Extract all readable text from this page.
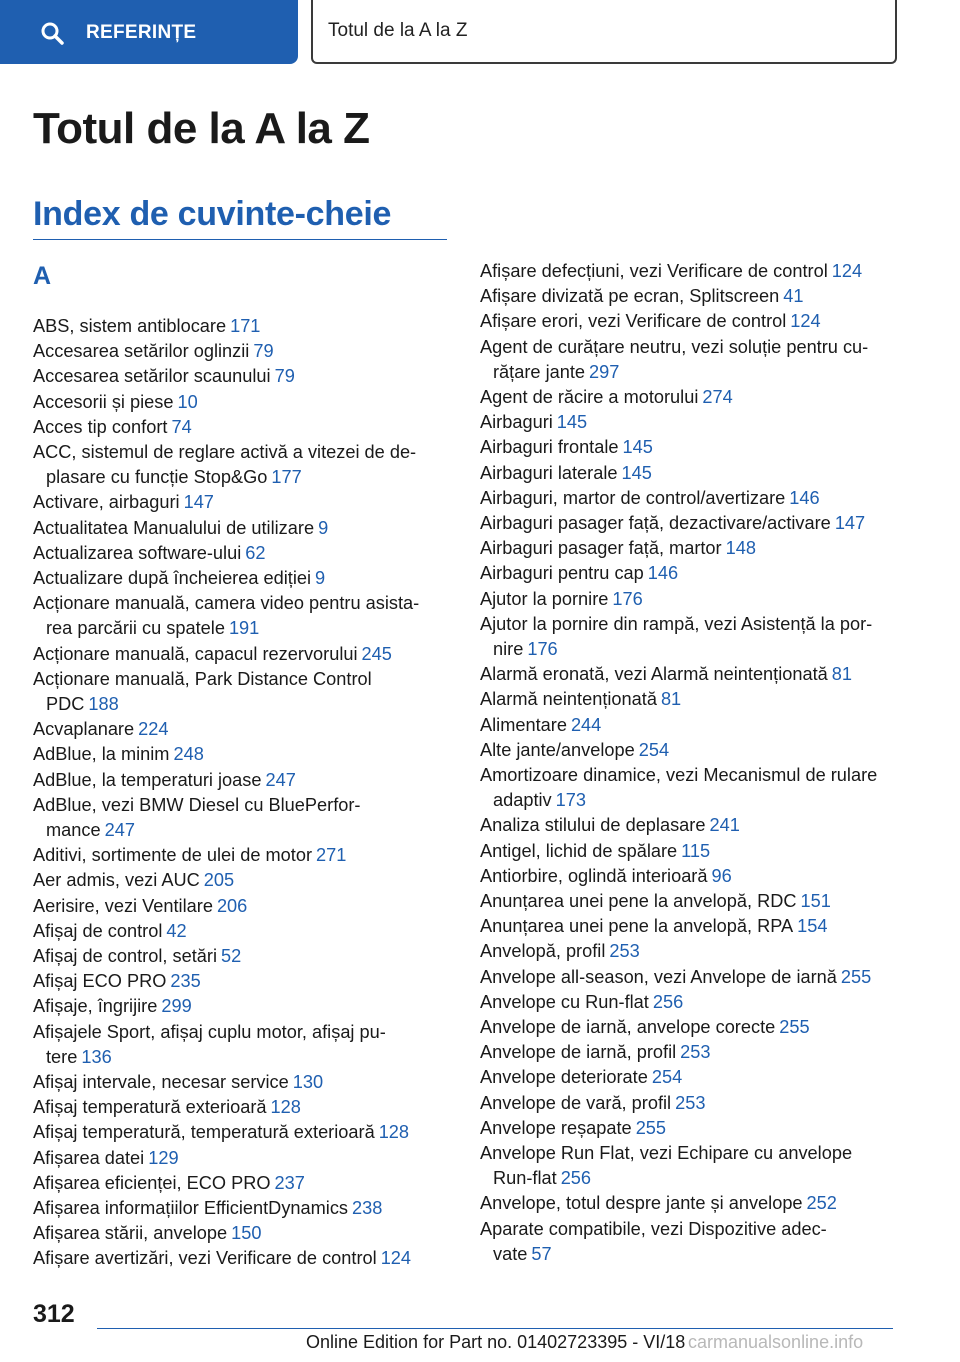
REFERINȚE	Totul de la A la Z
Totul de la A la Z
Index de cuvinte-cheie
A
ABS, sistem antiblocare 171
Accesarea setărilor oglinzii 79
Accesarea setărilor scaunului 79
Accesorii și piese 10
Acces tip confort 74
ACC, sistemul de reglare activă a vitezei de de-
plasare cu funcție Stop&Go 177
Activare, airbaguri 147
Actualitatea Manualului de utilizare 9
Actualizarea software-ului 62
Actualizare după încheierea ediției 9
Acționare manuală, camera video pentru asista-
rea parcării cu spatele 191
Acționare manuală, capacul rezervorului 245
Acționare manuală, Park Distance Control
PDC 188
Acvaplanare 224
AdBlue, la minim 248
AdBlue, la temperaturi joase 247
AdBlue, vezi BMW Diesel cu BluePerfor-
mance 247
Aditivi, sortimente de ulei de motor 271
Aer admis, vezi AUC 205
Aerisire, vezi Ventilare 206
Afișaj de control 42
Afișaj de control, setări 52
Afișaj ECO PRO 235
Afișaje, îngrijire 299
Afișajele Sport, afișaj cuplu motor, afișaj pu-
tere 136
Afișaj intervale, necesar service 130
Afișaj temperatură exterioară 128
Afișaj temperatură, temperatură exterioară 128
Afișarea datei 129
Afișarea eficienței, ECO PRO 237
Afișarea informațiilor EfficientDynamics 238
Afișarea stării, anvelope 150
Afișare avertizări, vezi Verificare de control 124
Afișare defecțiuni, vezi Verificare de control 124
Afișare divizată pe ecran, Splitscreen 41
Afișare erori, vezi Verificare de control 124
Agent de curățare neutru, vezi soluție pentru cu-
rățare jante 297
Agent de răcire a motorului 274
Airbaguri 145
Airbaguri frontale 145
Airbaguri laterale 145
Airbaguri, martor de control/avertizare 146
Airbaguri pasager față, dezactivare/activare 147
Airbaguri pasager față, martor 148
Airbaguri pentru cap 146
Ajutor la pornire 176
Ajutor la pornire din rampă, vezi Asistență la por-
nire 176
Alarmă eronată, vezi Alarmă neintenționată 81
Alarmă neintenționată 81
Alimentare 244
Alte jante/anvelope 254
Amortizoare dinamice, vezi Mecanismul de rulare
adaptiv 173
Analiza stilului de deplasare 241
Antigel, lichid de spălare 115
Antiorbire, oglindă interioară 96
Anunțarea unei pene la anvelopă, RDC 151
Anunțarea unei pene la anvelopă, RPA 154
Anvelopă, profil 253
Anvelope all-season, vezi Anvelope de iarnă 255
Anvelope cu Run-flat 256
Anvelope de iarnă, anvelope corecte 255
Anvelope de iarnă, profil 253
Anvelope deteriorate 254
Anvelope de vară, profil 253
Anvelope reșapate 255
Anvelope Run Flat, vezi Echipare cu anvelope
Run-flat 256
Anvelope, totul despre jante și anvelope 252
Aparate compatibile, vezi Dispozitive adec-
vate 57
312
Online Edition for Part no. 01402723395 - VI/18 carmanualsonline.info
